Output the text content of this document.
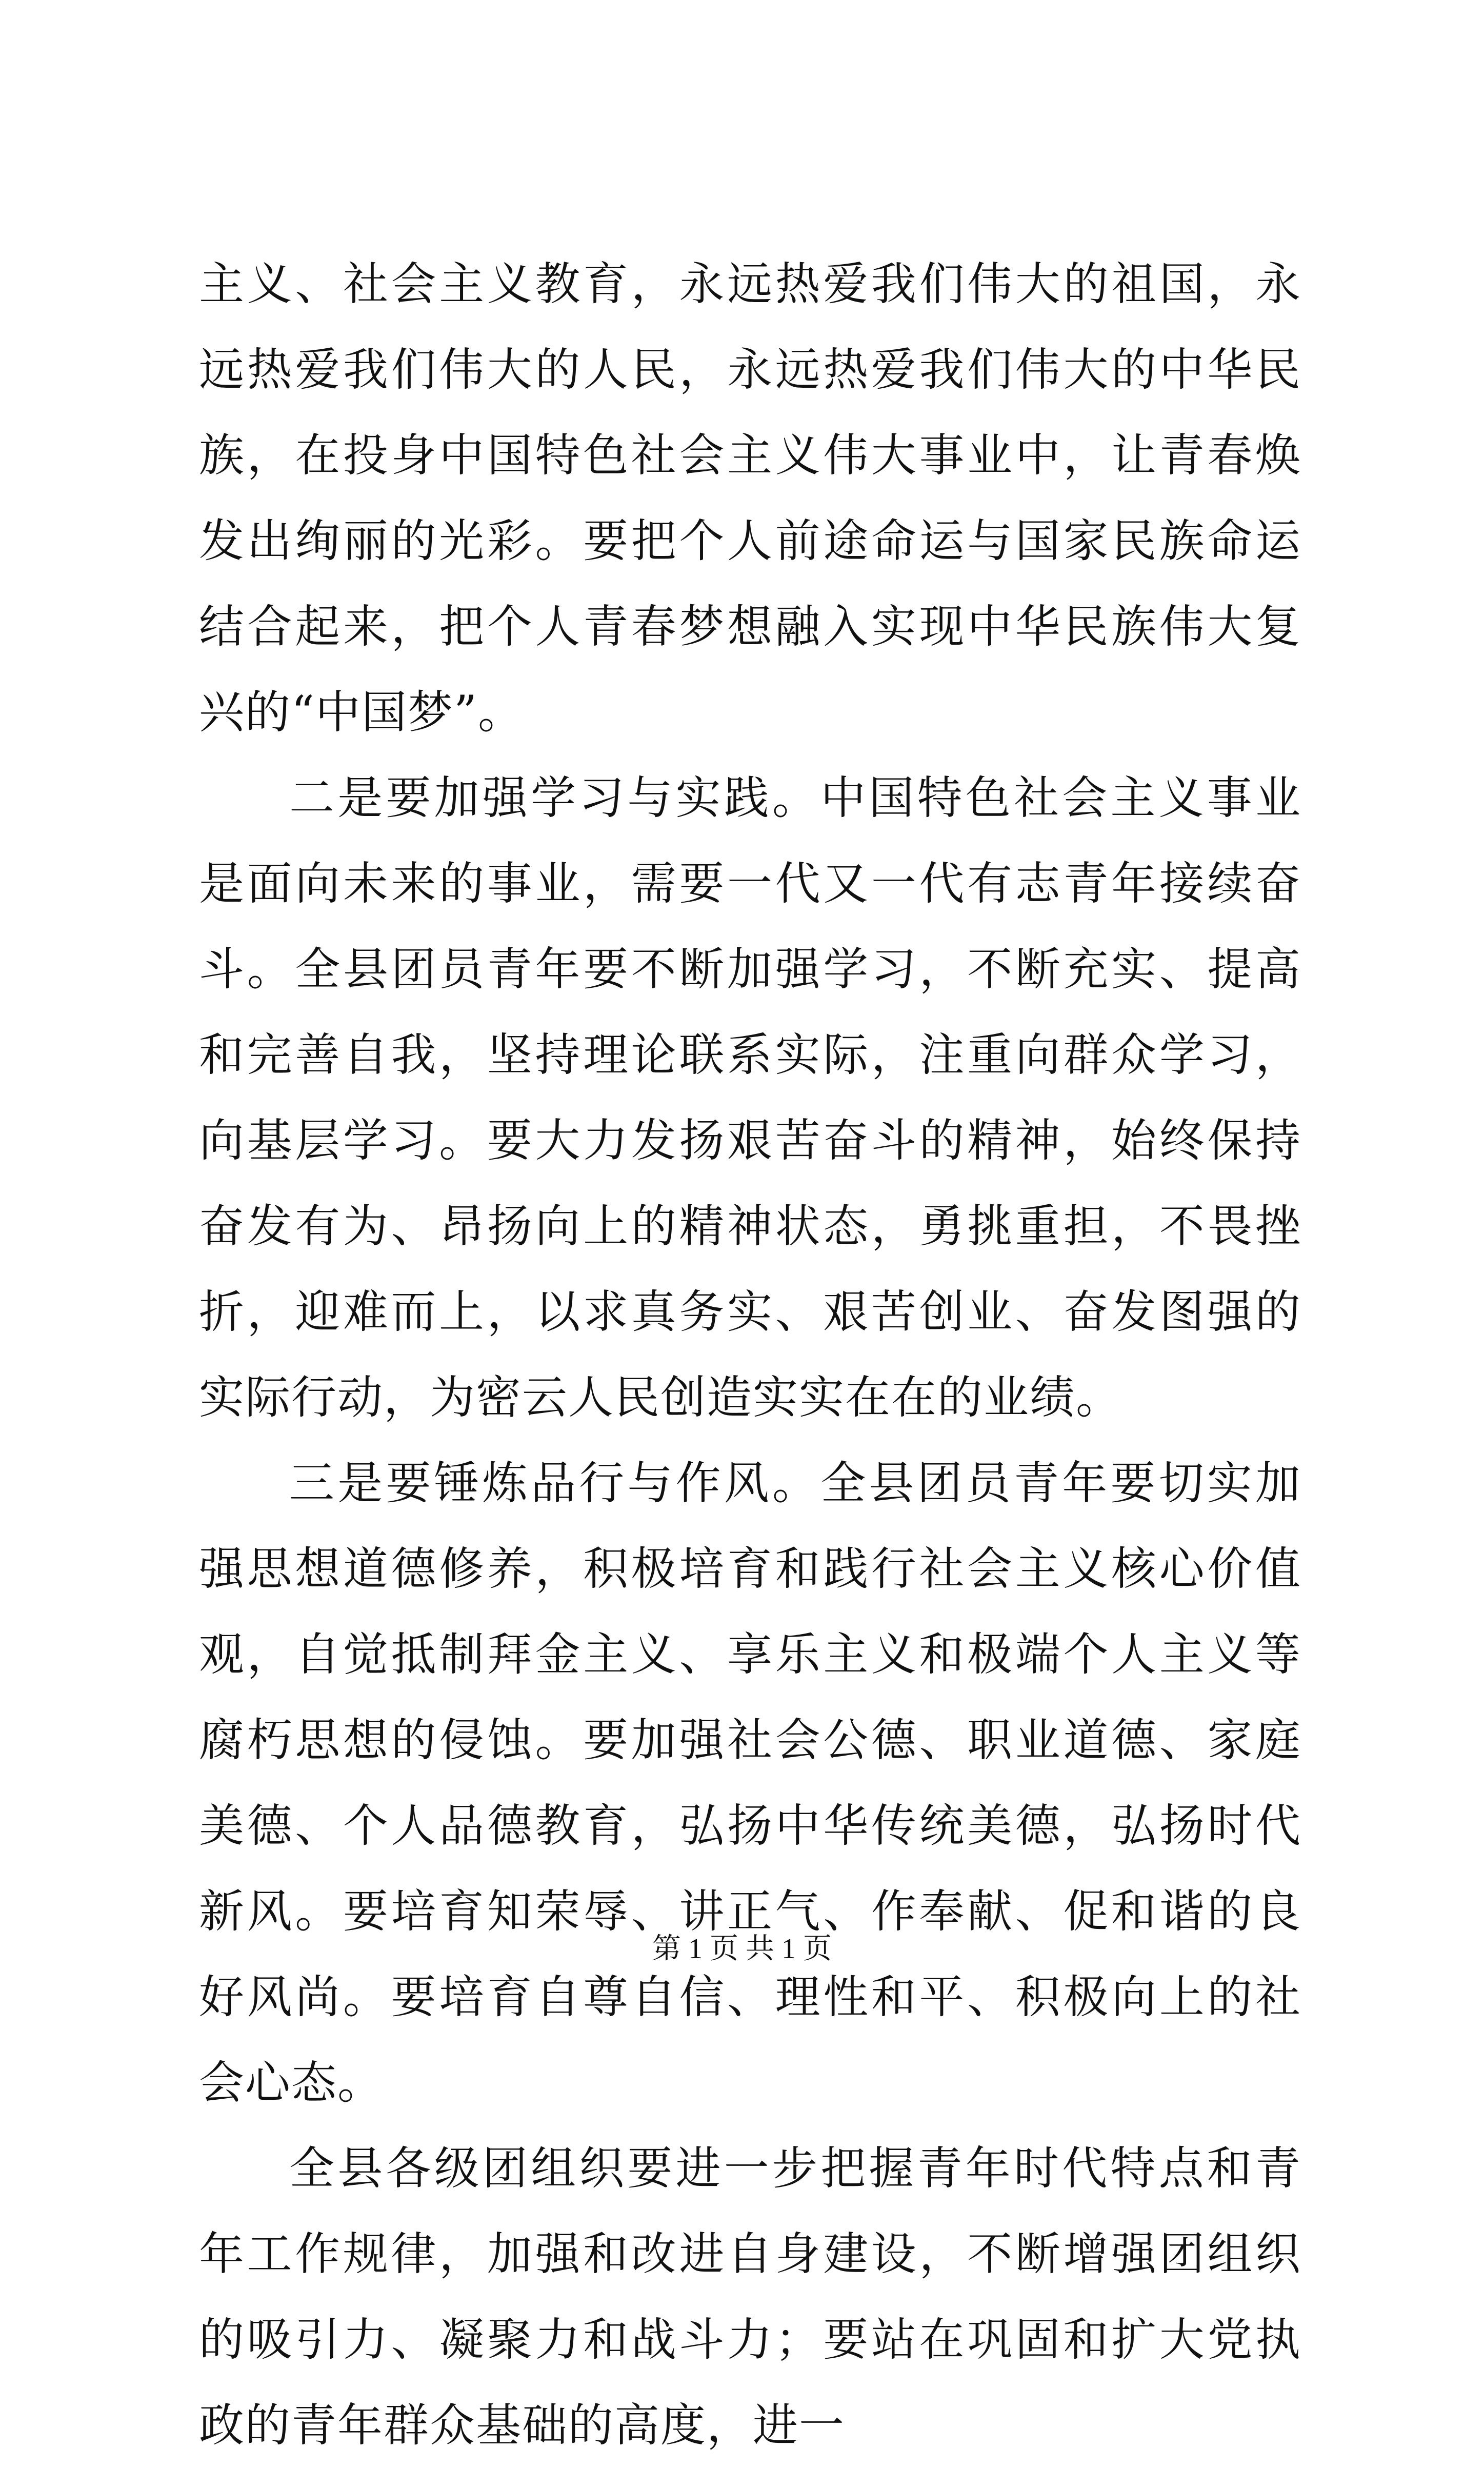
主义、社会主义教育，永远热爱我们伟大的祖国，永远热爱我们伟大的人民，永远热爱我们伟大的中华民族，在投身中国特色社会主义伟大事业中，让青春焕发出绚丽的光彩。要把个人前途命运与国家民族命运结合起来，把个人青春梦想融入实现中华民族伟大复兴的“中国梦”。

二是要加强学习与实践。中国特色社会主义事业是面向未来的事业，需要一代又一代有志青年接续奋斗。全县团员青年要不断加强学习，不断充实、提高和完善自我，坚持理论联系实际，注重向群众学习，向基层学习。要大力发扬艰苦奋斗的精神，始终保持奋发有为、昂扬向上的精神状态，勇挑重担，不畏挫折，迎难而上，以求真务实、艰苦创业、奋发图强的实际行动，为密云人民创造实实在在的业绩。

三是要锤炼品行与作风。全县团员青年要切实加强思想道德修养，积极培育和践行社会主义核心价值观，自觉抵制拜金主义、享乐主义和极端个人主义等腐朽思想的侵蚀。要加强社会公德、职业道德、家庭美德、个人品德教育，弘扬中华传统美德，弘扬时代新风。要培育知荣辱、讲正气、作奉献、促和谐的良好风尚。要培育自尊自信、理性和平、积极向上的社会心态。

全县各级团组织要进一步把握青年时代特点和青年工作规律，加强和改进自身建设，不断增强团组织的吸引力、凝聚力和战斗力；要站在巩固和扩大党执政的青年群众基础的高度，进一

第 1 页 共 1 页
